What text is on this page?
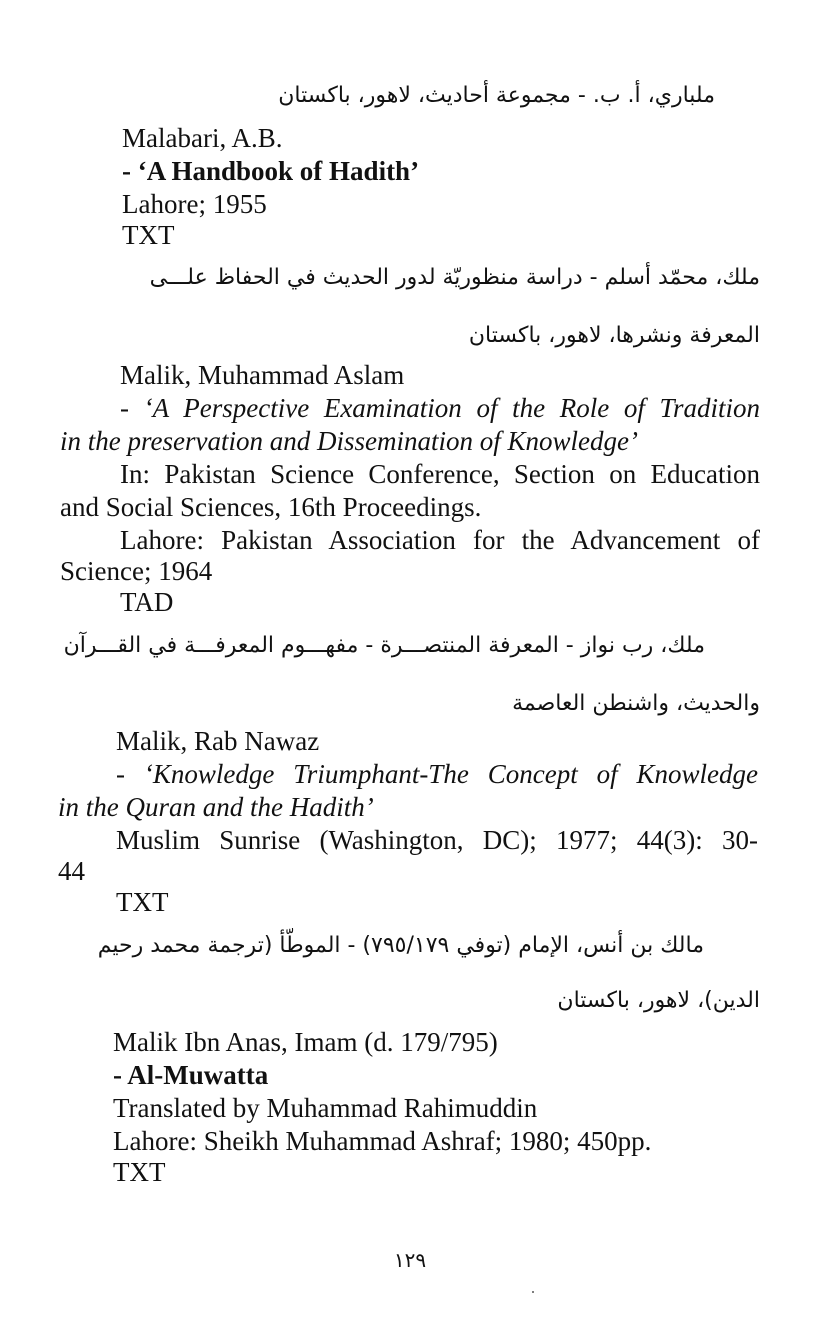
ملباري، أ. ب. - مجموعة أحاديث، لاهور، باكستان
Malabari, A.B.
- ‘A Handbook of Hadith’
Lahore; 1955
TXT
ملك، محمّد أسلم - دراسة منظوريّة لدور الحديث في الحفاظ علـــى
المعرفة ونشرها، لاهور، باكستان
Malik, Muhammad Aslam
- ‘A Perspective Examination of the Role of Tradition
in the preservation and Dissemination of Knowledge’
In: Pakistan Science Conference, Section on Education
and Social Sciences, 16th Proceedings.
Lahore: Pakistan Association for the Advancement of
Science; 1964
TAD
ملك، رب نواز - المعرفة المنتصـــرة - مفهـــوم المعرفـــة في القـــرآن
والحديث، واشنطن العاصمة
Malik, Rab Nawaz
- ‘Knowledge Triumphant-The Concept of Knowledge
in the Quran and the Hadith’
Muslim Sunrise (Washington, DC); 1977; 44(3): 30-
44
TXT
مالك بن أنس، الإمام (توفي ٧٩٥/١٧٩) - الموطّأ (ترجمة محمد رحيم
الدين)، لاهور، باكستان
Malik Ibn Anas, Imam (d. 179/795)
- Al-Muwatta
Translated by Muhammad Rahimuddin
Lahore: Sheikh Muhammad Ashraf; 1980; 450pp.
TXT
١٢٩
